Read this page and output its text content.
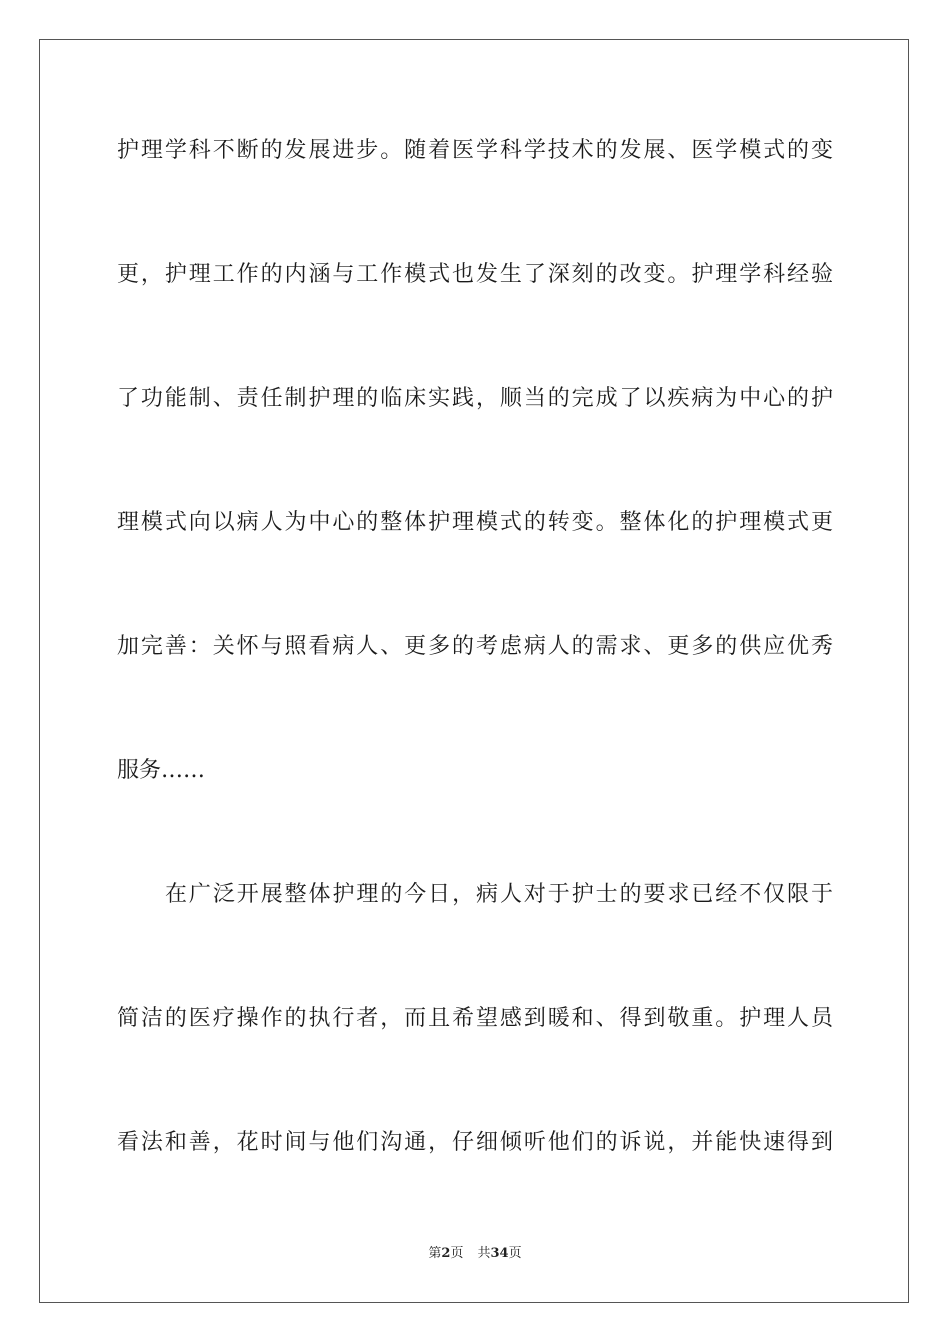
护理学科不断的发展进步。随着医学科学技术的发展、医学模式的变
更，护理工作的内涵与工作模式也发生了深刻的改变。护理学科经验
了功能制、责任制护理的临床实践，顺当的完成了以疾病为中心的护
理模式向以病人为中心的整体护理模式的转变。整体化的护理模式更
加完善：关怀与照看病人、更多的考虑病人的需求、更多的供应优秀
服务……
在广泛开展整体护理的今日，病人对于护士的要求已经不仅限于
简洁的医疗操作的执行者，而且希望感到暖和、得到敬重。护理人员
看法和善，花时间与他们沟通，仔细倾听他们的诉说，并能快速得到
第2页 共34页
